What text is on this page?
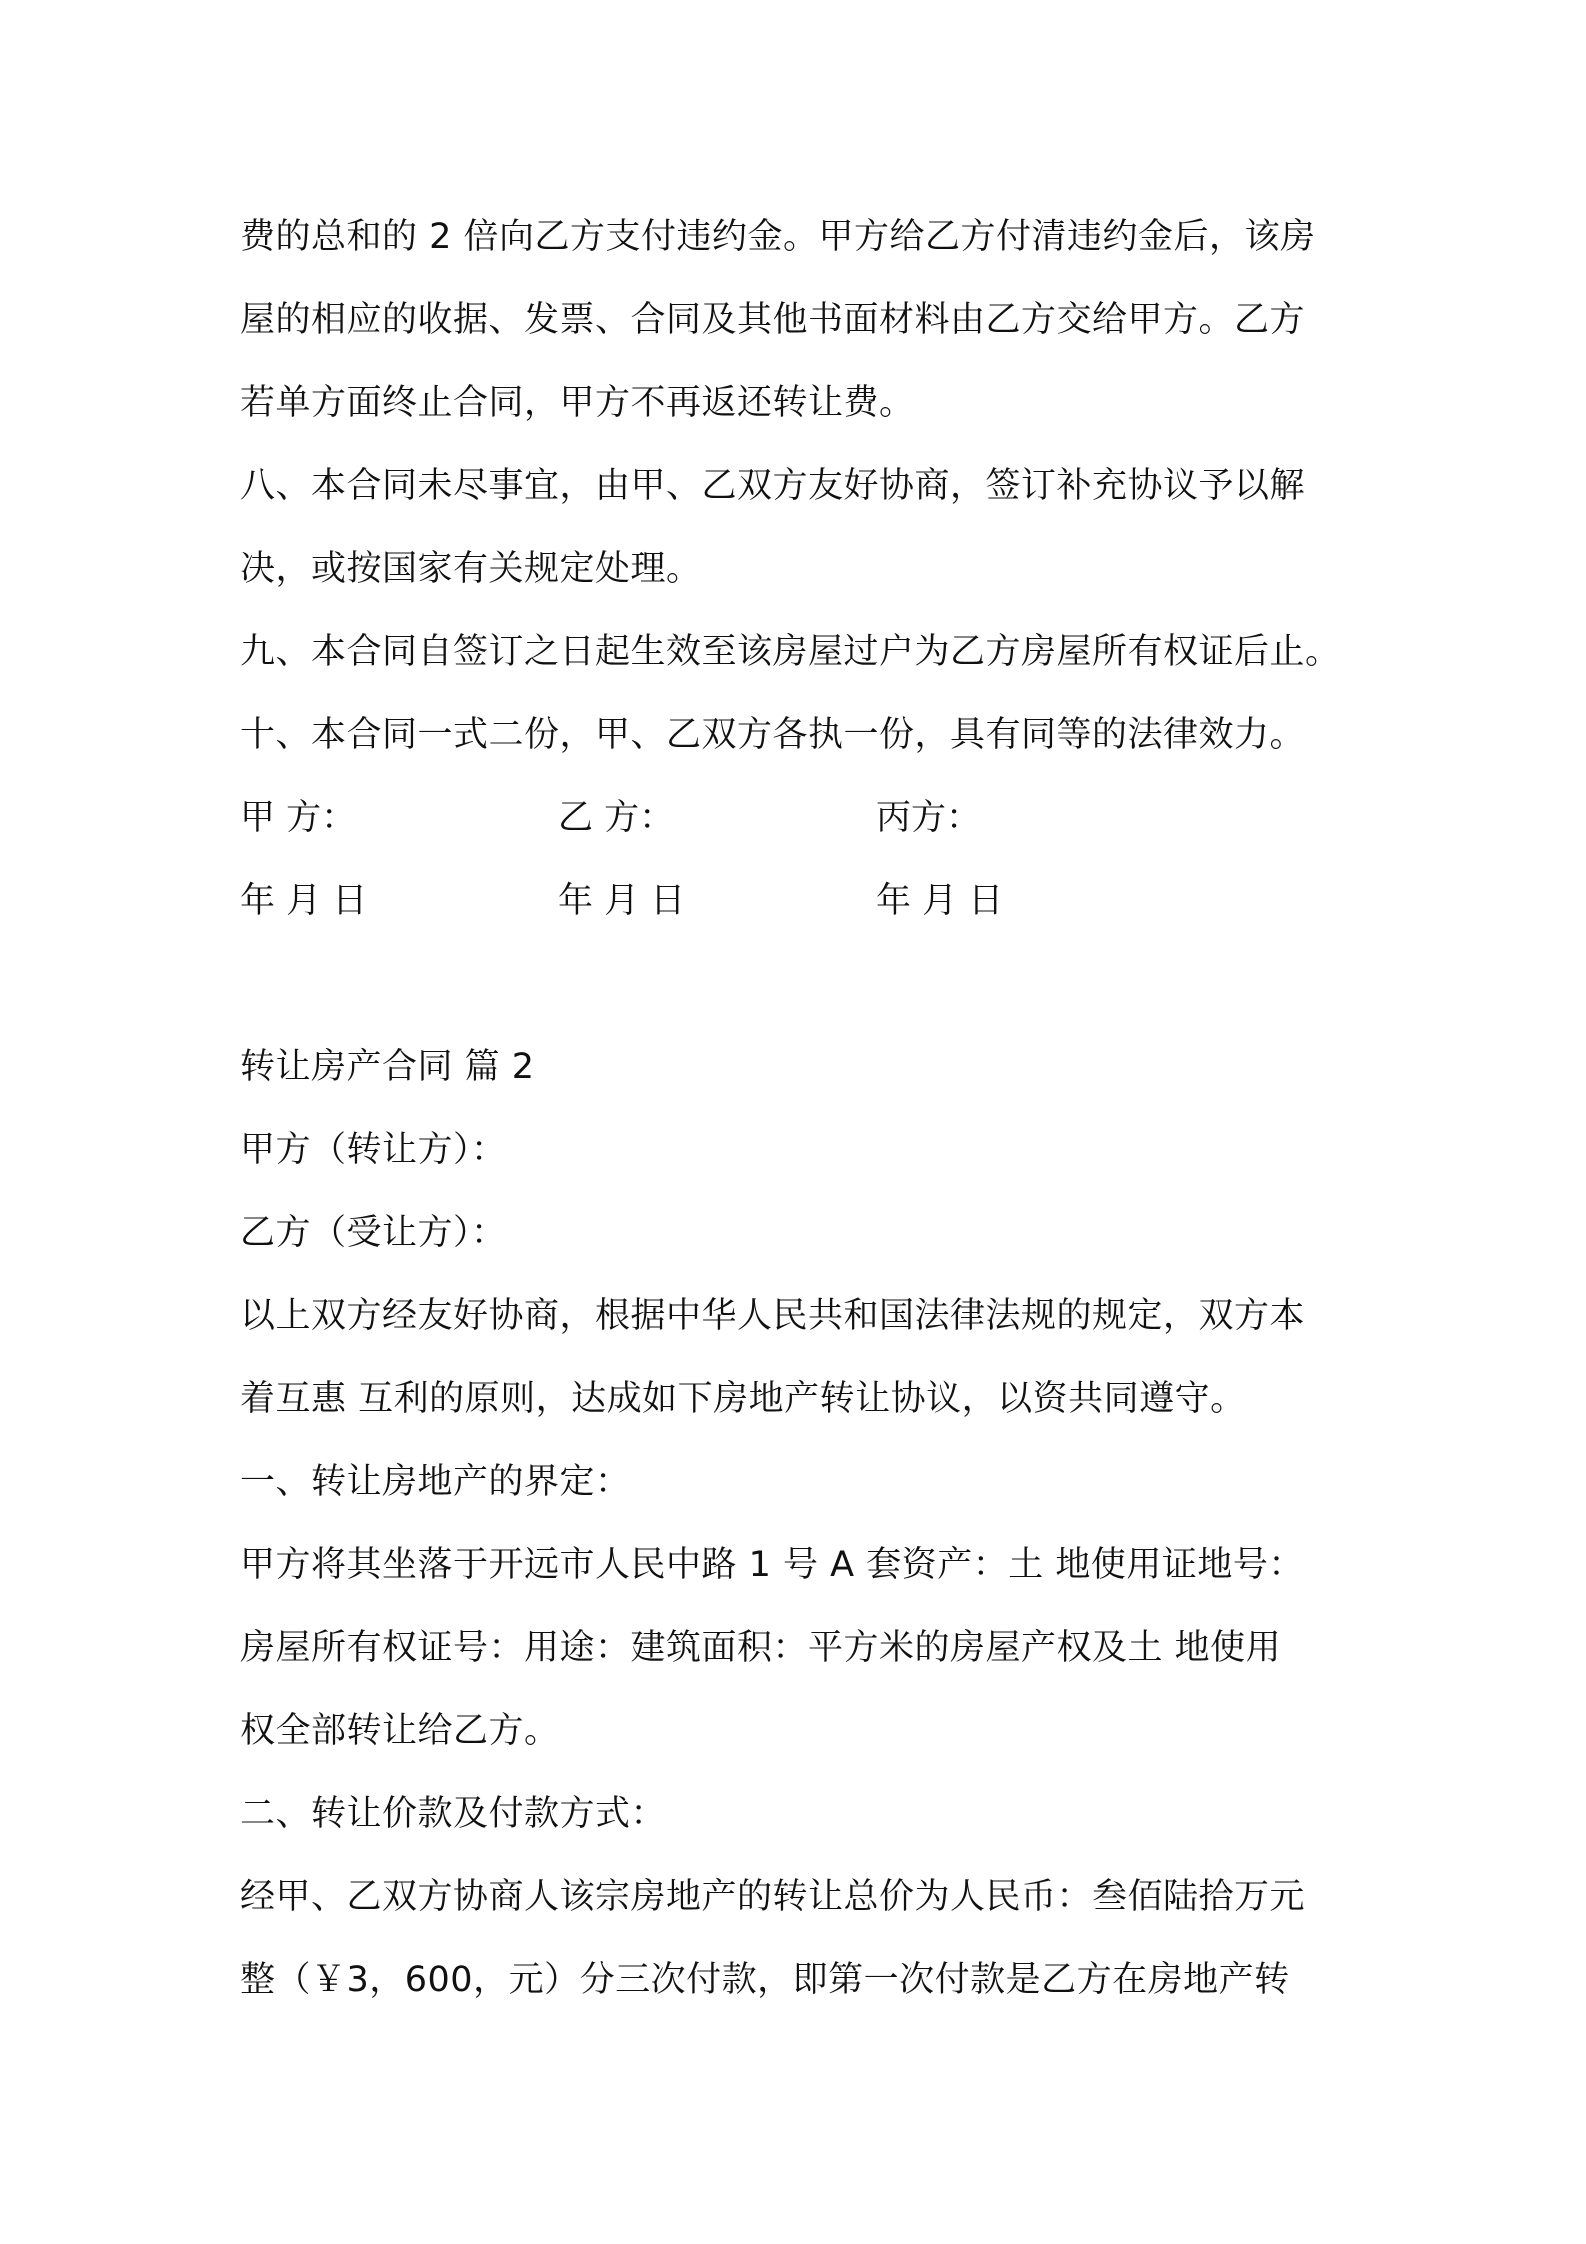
费的总和的 2 倍向乙方支付违约金。甲方给乙方付清违约金后，该房
屋的相应的收据、发票、合同及其他书面材料由乙方交给甲方。乙方
若单方面终止合同，甲方不再返还转让费。
八、本合同未尽事宜，由甲、乙双方友好协商，签订补充协议予以解
决，或按国家有关规定处理。
九、本合同自签订之日起生效至该房屋过户为乙方房屋所有权证后止。
十、本合同一式二份，甲、乙双方各执一份，具有同等的法律效力。
甲 方：	乙 方：	丙方：
年 月 日	年 月 日	年 月 日
转让房产合同 篇 2
甲方（转让方）：
乙方（受让方）：
以上双方经友好协商，根据中华人民共和国法律法规的规定，双方本
着互惠 互利的原则，达成如下房地产转让协议，以资共同遵守。
一、转让房地产的界定：
甲方将其坐落于开远市人民中路 1 号 A 套资产：土 地使用证地号：
房屋所有权证号：用途：建筑面积：平方米的房屋产权及土 地使用
权全部转让给乙方。
二、转让价款及付款方式：
经甲、乙双方协商人该宗房地产的转让总价为人民币：叁佰陆拾万元
整（￥3，600，元）分三次付款，即第一次付款是乙方在房地产转
